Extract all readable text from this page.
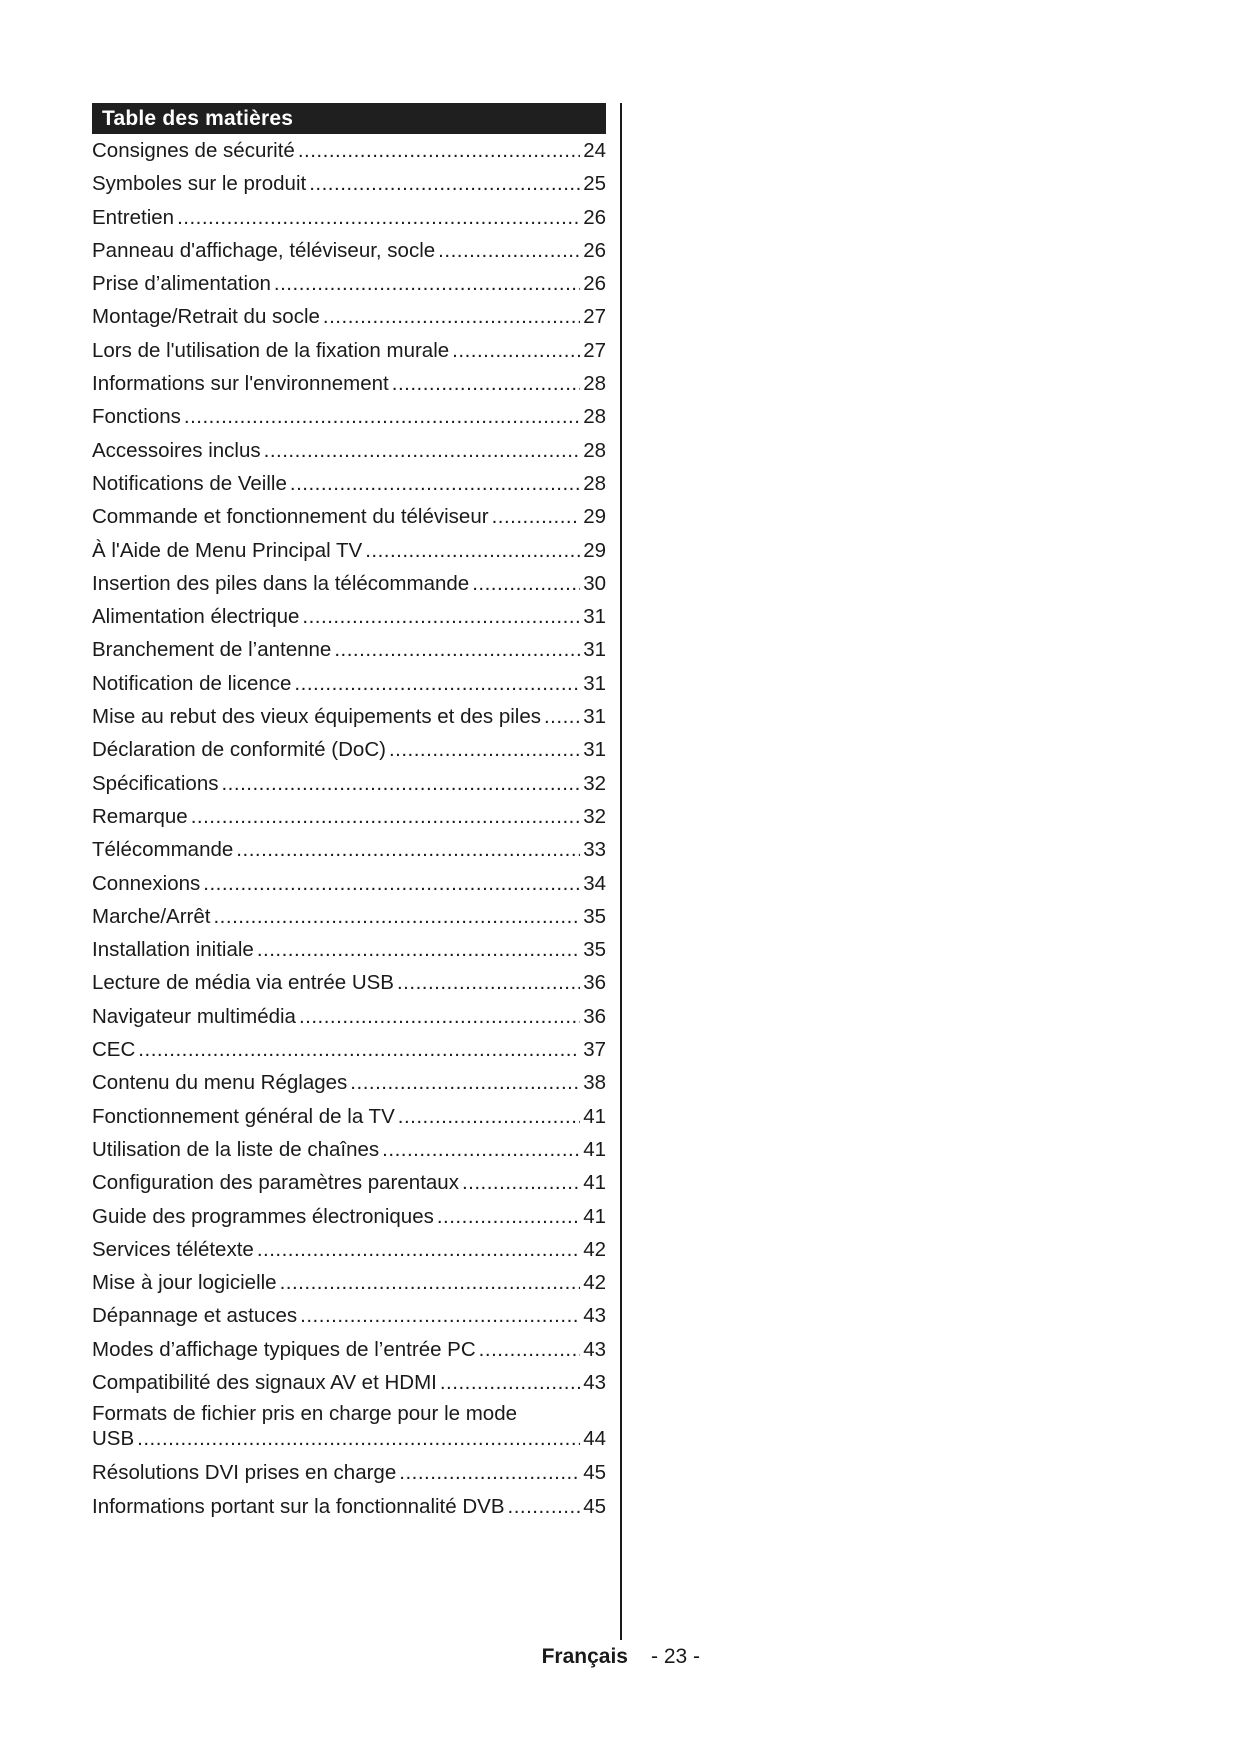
Table des matières
Consignes de sécurité .....	24
Symboles sur le produit .....	25
Entretien .....	26
Panneau d'affichage, téléviseur, socle .....	26
Prise d’alimentation .....	26
Montage/Retrait du socle .....	27
Lors de l'utilisation de la fixation murale .....	27
Informations sur l'environnement .....	28
Fonctions .....	28
Accessoires inclus .....	28
Notifications de Veille .....	28
Commande et fonctionnement du téléviseur .....	29
À l'Aide de Menu Principal TV .....	29
Insertion des piles dans la télécommande .....	30
Alimentation électrique .....	31
Branchement de l’antenne .....	31
Notification de licence .....	31
Mise au rebut des vieux équipements et des piles ..... 31
Déclaration de conformité (DoC) .....	31
Spécifications .....	32
Remarque .....	32
Télécommande .....	33
Connexions .....	34
Marche/Arrêt .....	35
Installation initiale .....	35
Lecture de média via entrée USB .....	36
Navigateur multimédia .....	36
CEC .....	37
Contenu du menu Réglages .....	38
Fonctionnement général de la TV .....	41
Utilisation de la liste de chaînes .....	41
Configuration des paramètres parentaux .....	41
Guide des programmes électroniques .....	41
Services télétexte .....	42
Mise à jour logicielle .....	42
Dépannage et astuces .....	43
Modes d’affichage typiques de l’entrée PC .....	43
Compatibilité des signaux AV et HDMI .....	43
Formats de fichier pris en charge pour le mode
USB .....	44
Résolutions DVI prises en charge .....	45
Informations portant sur la fonctionnalité DVB .....	45
Français - 23 -
